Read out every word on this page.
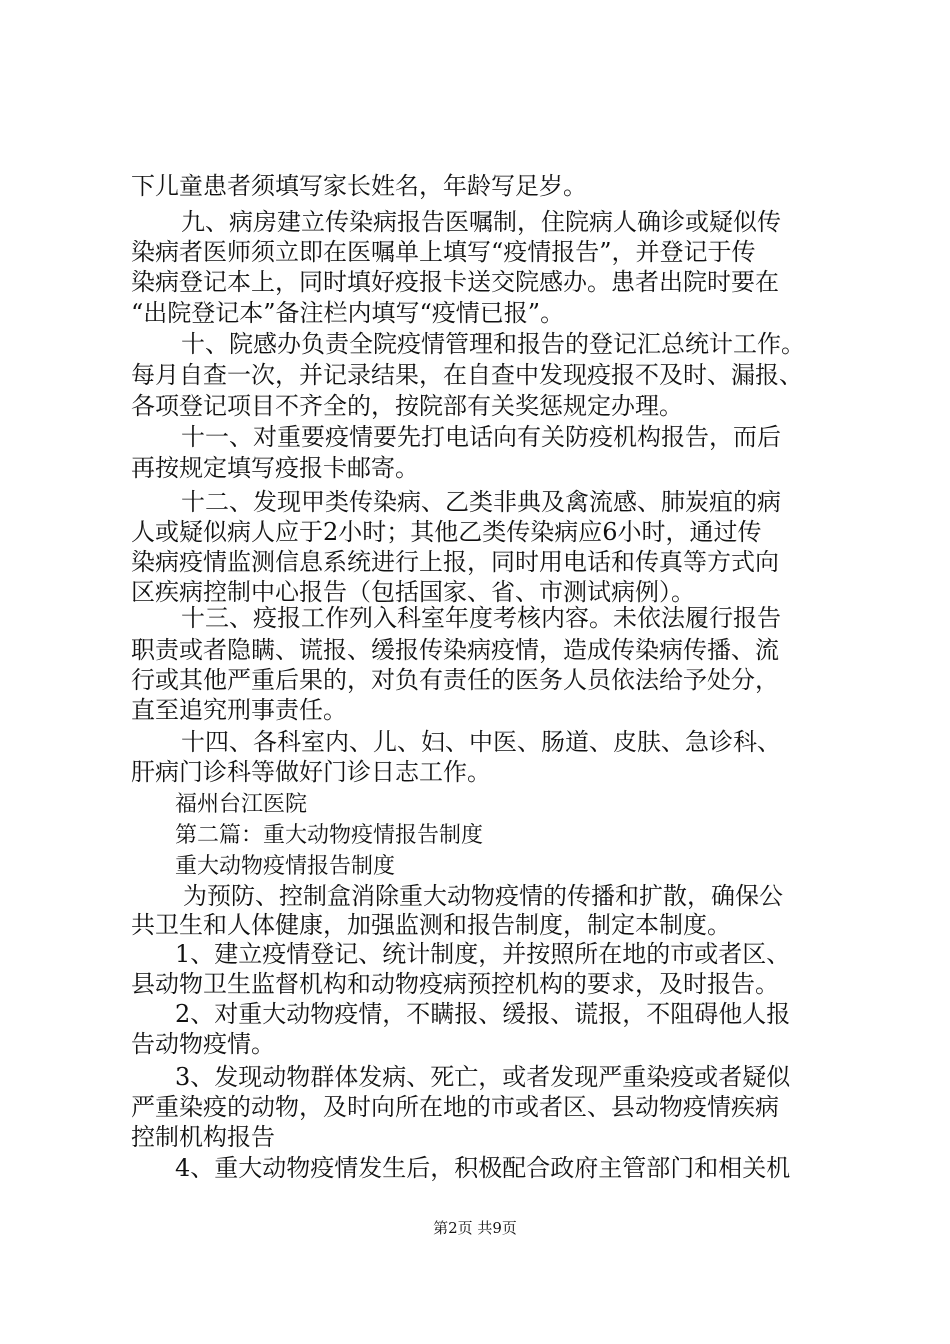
下儿童患者须填写家长姓名，年龄写足岁。
九、病房建立传染病报告医嘱制，住院病人确诊或疑似传
染病者医师须立即在医嘱单上填写“疫情报告”，并登记于传
染病登记本上，同时填好疫报卡送交院感办。患者出院时要在
“出院登记本”备注栏内填写“疫情已报”。
十、院感办负责全院疫情管理和报告的登记汇总统计工作。
每月自查一次，并记录结果，在自查中发现疫报不及时、漏报、
各项登记项目不齐全的，按院部有关奖惩规定办理。
十一、对重要疫情要先打电话向有关防疫机构报告，而后
再按规定填写疫报卡邮寄。
十二、发现甲类传染病、乙类非典及禽流感、肺炭疽的病
人或疑似病人应于2小时；其他乙类传染病应6小时，通过传
染病疫情监测信息系统进行上报，同时用电话和传真等方式向
区疾病控制中心报告（包括国家、省、市测试病例）。
十三、疫报工作列入科室年度考核内容。未依法履行报告
职责或者隐瞒、谎报、缓报传染病疫情，造成传染病传播、流
行或其他严重后果的，对负有责任的医务人员依法给予处分，
直至追究刑事责任。
十四、各科室内、儿、妇、中医、肠道、皮肤、急诊科、
肝病门诊科等做好门诊日志工作。
福州台江医院
第二篇：重大动物疫情报告制度
重大动物疫情报告制度
为预防、控制盒消除重大动物疫情的传播和扩散，确保公
共卫生和人体健康，加强监测和报告制度，制定本制度。
1、建立疫情登记、统计制度，并按照所在地的市或者区、
县动物卫生监督机构和动物疫病预控机构的要求，及时报告。
2、对重大动物疫情，不瞒报、缓报、谎报，不阻碍他人报
告动物疫情。
3、发现动物群体发病、死亡，或者发现严重染疫或者疑似
严重染疫的动物，及时向所在地的市或者区、县动物疫情疾病
控制机构报告
4、重大动物疫情发生后，积极配合政府主管部门和相关机
第2页 共9页
